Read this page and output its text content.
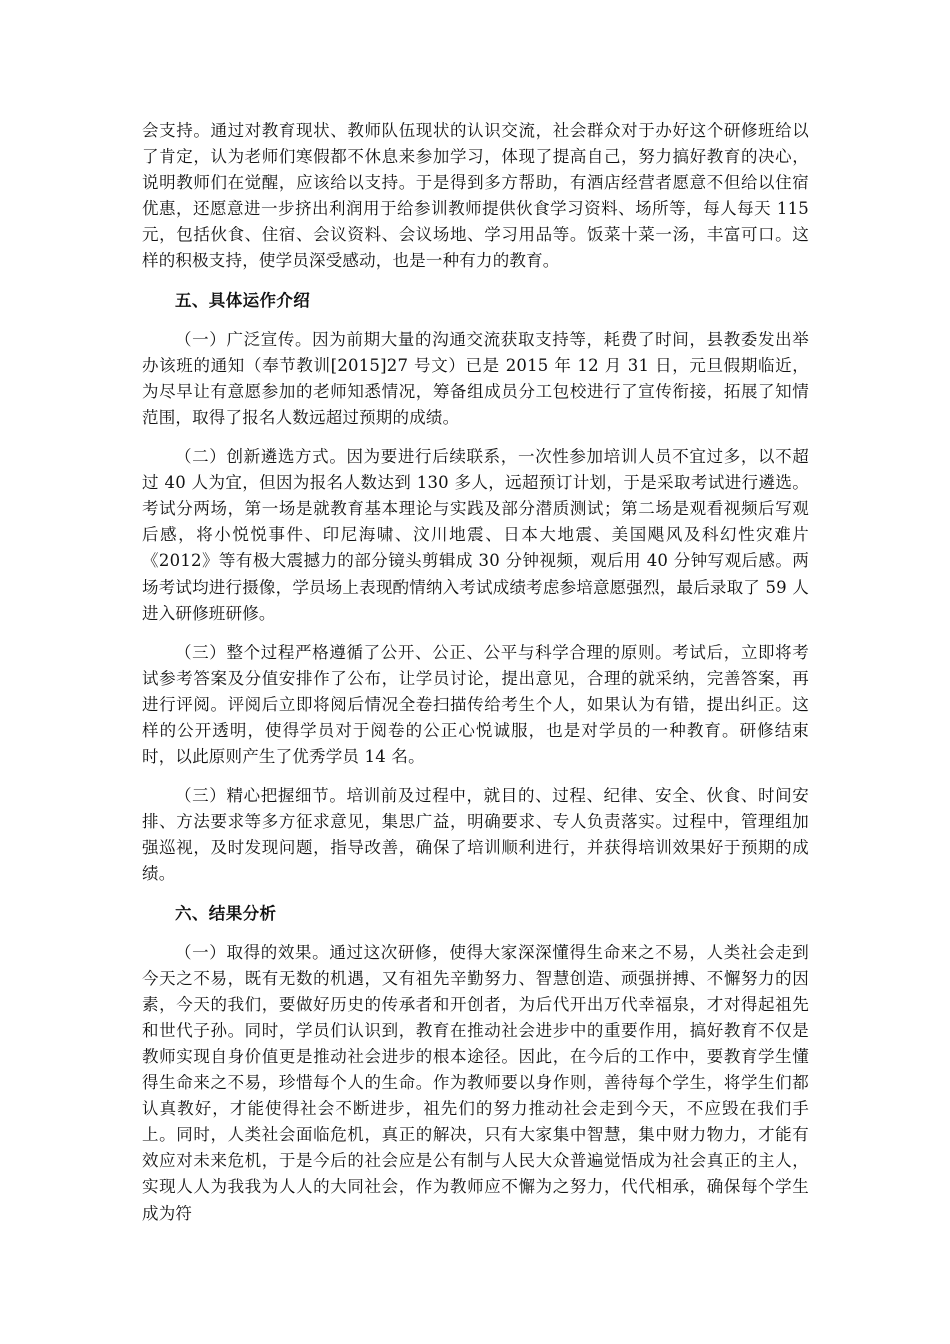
会支持。通过对教育现状、教师队伍现状的认识交流，社会群众对于办好这个研修班给以了肯定，认为老师们寒假都不休息来参加学习，体现了提高自己，努力搞好教育的决心，说明教师们在觉醒，应该给以支持。于是得到多方帮助，有酒店经营者愿意不但给以住宿优惠，还愿意进一步挤出利润用于给参训教师提供伙食学习资料、场所等，每人每天 115 元，包括伙食、住宿、会议资料、会议场地、学习用品等。饭菜十菜一汤，丰富可口。这样的积极支持，使学员深受感动，也是一种有力的教育。

五、具体运作介绍

（一）广泛宣传。因为前期大量的沟通交流获取支持等，耗费了时间，县教委发出举办该班的通知（奉节教训[2015]27 号文）已是 2015 年 12 月 31 日，元旦假期临近，为尽早让有意愿参加的老师知悉情况，筹备组成员分工包校进行了宣传衔接，拓展了知情范围，取得了报名人数远超过预期的成绩。

（二）创新遴选方式。因为要进行后续联系，一次性参加培训人员不宜过多，以不超过 40 人为宜，但因为报名人数达到 130 多人，远超预订计划，于是采取考试进行遴选。考试分两场，第一场是就教育基本理论与实践及部分潜质测试；第二场是观看视频后写观后感，将小悦悦事件、印尼海啸、汶川地震、日本大地震、美国飓风及科幻性灾难片《2012》等有极大震撼力的部分镜头剪辑成 30 分钟视频，观后用 40 分钟写观后感。两场考试均进行摄像，学员场上表现酌情纳入考试成绩考虑参培意愿强烈，最后录取了 59 人进入研修班研修。

（三）整个过程严格遵循了公开、公正、公平与科学合理的原则。考试后，立即将考试参考答案及分值安排作了公布，让学员讨论，提出意见，合理的就采纳，完善答案，再进行评阅。评阅后立即将阅后情况全卷扫描传给考生个人，如果认为有错，提出纠正。这样的公开透明，使得学员对于阅卷的公正心悦诚服，也是对学员的一种教育。研修结束时，以此原则产生了优秀学员 14 名。

（三）精心把握细节。培训前及过程中，就目的、过程、纪律、安全、伙食、时间安排、方法要求等多方征求意见，集思广益，明确要求、专人负责落实。过程中，管理组加强巡视，及时发现问题，指导改善，确保了培训顺利进行，并获得培训效果好于预期的成绩。

六、结果分析

（一）取得的效果。通过这次研修，使得大家深深懂得生命来之不易，人类社会走到今天之不易，既有无数的机遇，又有祖先辛勤努力、智慧创造、顽强拼搏、不懈努力的因素，今天的我们，要做好历史的传承者和开创者，为后代开出万代幸福泉，才对得起祖先和世代子孙。同时，学员们认识到，教育在推动社会进步中的重要作用，搞好教育不仅是教师实现自身价值更是推动社会进步的根本途径。因此，在今后的工作中，要教育学生懂得生命来之不易，珍惜每个人的生命。作为教师要以身作则，善待每个学生，将学生们都认真教好，才能使得社会不断进步，祖先们的努力推动社会走到今天，不应毁在我们手上。同时，人类社会面临危机，真正的解决，只有大家集中智慧，集中财力物力，才能有效应对未来危机，于是今后的社会应是公有制与人民大众普遍觉悟成为社会真正的主人，实现人人为我我为人人的大同社会，作为教师应不懈为之努力，代代相承，确保每个学生成为符
